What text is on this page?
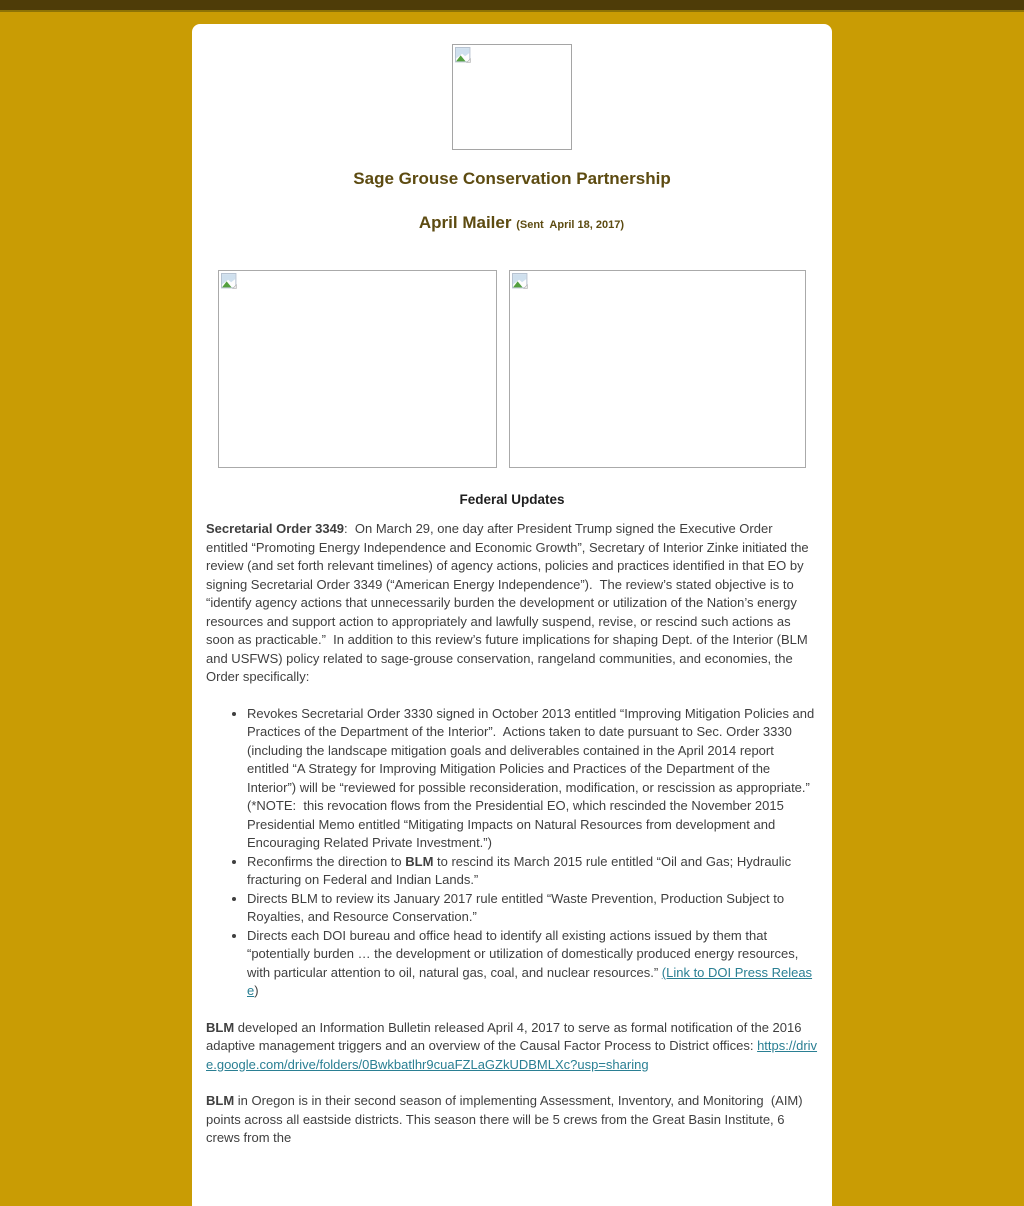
Sage Grouse Conservation Partnership

April Mailer (Sent  April 18, 2017)
Federal Updates

Secretarial Order 3349:  On March 29, one day after President Trump signed the Executive Order entitled “Promoting Energy Independence and Economic Growth”, Secretary of Interior Zinke initiated the review (and set forth relevant timelines) of agency actions, policies and practices identified in that EO by signing Secretarial Order 3349 (“American Energy Independence”).  The review’s stated objective is to “identify agency actions that unnecessarily burden the development or utilization of the Nation’s energy resources and support action to appropriately and lawfully suspend, revise, or rescind such actions as soon as practicable.”  In addition to this review’s future implications for shaping Dept. of the Interior (BLM and USFWS) policy related to sage-grouse conservation, rangeland communities, and economies, the Order specifically:

• Revokes Secretarial Order 3330 signed in October 2013 entitled “Improving Mitigation Policies and Practices of the Department of the Interior”.  Actions taken to date pursuant to Sec. Order 3330 (including the landscape mitigation goals and deliverables contained in the April 2014 report entitled “A Strategy for Improving Mitigation Policies and Practices of the Department of the Interior”) will be “reviewed for possible reconsideration, modification, or rescission as appropriate.”  (*NOTE:  this revocation flows from the Presidential EO, which rescinded the November 2015 Presidential Memo entitled “Mitigating Impacts on Natural Resources from development and Encouraging Related Private Investment.”)
• Reconfirms the direction to BLM to rescind its March 2015 rule entitled “Oil and Gas; Hydraulic fracturing on Federal and Indian Lands.”
• Directs BLM to review its January 2017 rule entitled “Waste Prevention, Production Subject to Royalties, and Resource Conservation.”
• Directs each DOI bureau and office head to identify all existing actions issued by them that “potentially burden … the development or utilization of domestically produced energy resources, with particular attention to oil, natural gas, coal, and nuclear resources.” (Link to DOI Press Release)

BLM developed an Information Bulletin released April 4, 2017 to serve as formal notification of the 2016 adaptive management triggers and an overview of the Causal Factor Process to District offices: https://drive.google.com/drive/folders/0Bwkbatlhr9cuaFZLaGZkUDBMLXc?usp=sharing

BLM in Oregon is in their second season of implementing Assessment, Inventory, and Monitoring  (AIM) points across all eastside districts. This season there will be 5 crews from the Great Basin Institute, 6 crews from the
